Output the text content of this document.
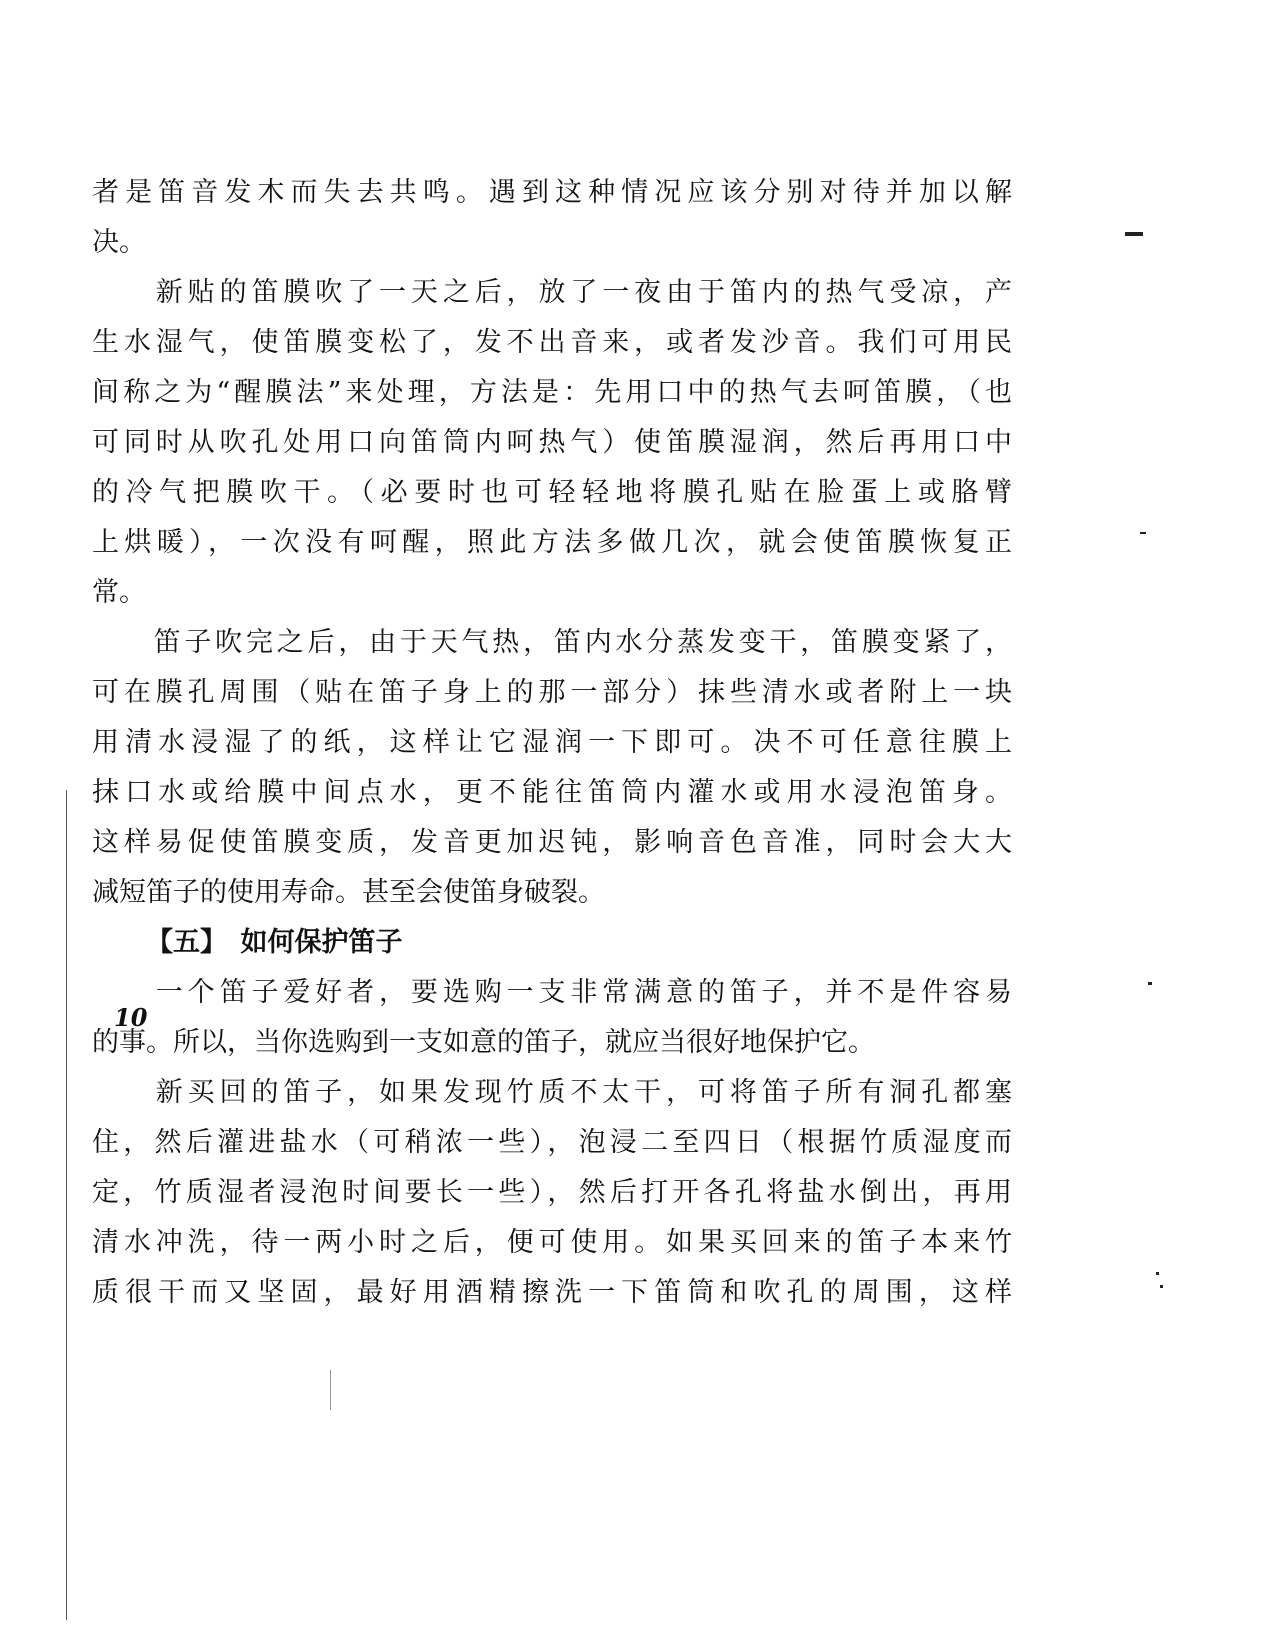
者是笛音发木而失去共鸣。遇到这种情况应该分别对待并加以解
决。
　　新贴的笛膜吹了一天之后，放了一夜由于笛内的热气受凉，产
生水湿气，使笛膜变松了，发不出音来，或者发沙音。我们可用民
间称之为“醒膜法”来处理，方法是：先用口中的热气去呵笛膜，（也
可同时从吹孔处用口向笛筒内呵热气）使笛膜湿润，然后再用口中
的冷气把膜吹干。（必要时也可轻轻地将膜孔贴在脸蛋上或胳臂
上烘暖），一次没有呵醒，照此方法多做几次，就会使笛膜恢复正
常。
　　笛子吹完之后，由于天气热，笛内水分蒸发变干，笛膜变紧了，
可在膜孔周围（贴在笛子身上的那一部分）抹些清水或者附上一块
用清水浸湿了的纸，这样让它湿润一下即可。决不可任意往膜上
抹口水或给膜中间点水，更不能往笛筒内灌水或用水浸泡笛身。
这样易促使笛膜变质，发音更加迟钝，影响音色音准，同时会大大
减短笛子的使用寿命。甚至会使笛身破裂。
【五】　如何保护笛子
　　一个笛子爱好者，要选购一支非常满意的笛子，并不是件容易
的事。所以，当你选购到一支如意的笛子，就应当很好地保护它。
　　新买回的笛子，如果发现竹质不太干，可将笛子所有洞孔都塞
住，然后灌进盐水（可稍浓一些），泡浸二至四日（根据竹质湿度而
定，竹质湿者浸泡时间要长一些），然后打开各孔将盐水倒出，再用
清水冲洗，待一两小时之后，便可使用。如果买回来的笛子本来竹
质很干而又坚固，最好用酒精擦洗一下笛筒和吹孔的周围，这样
10
